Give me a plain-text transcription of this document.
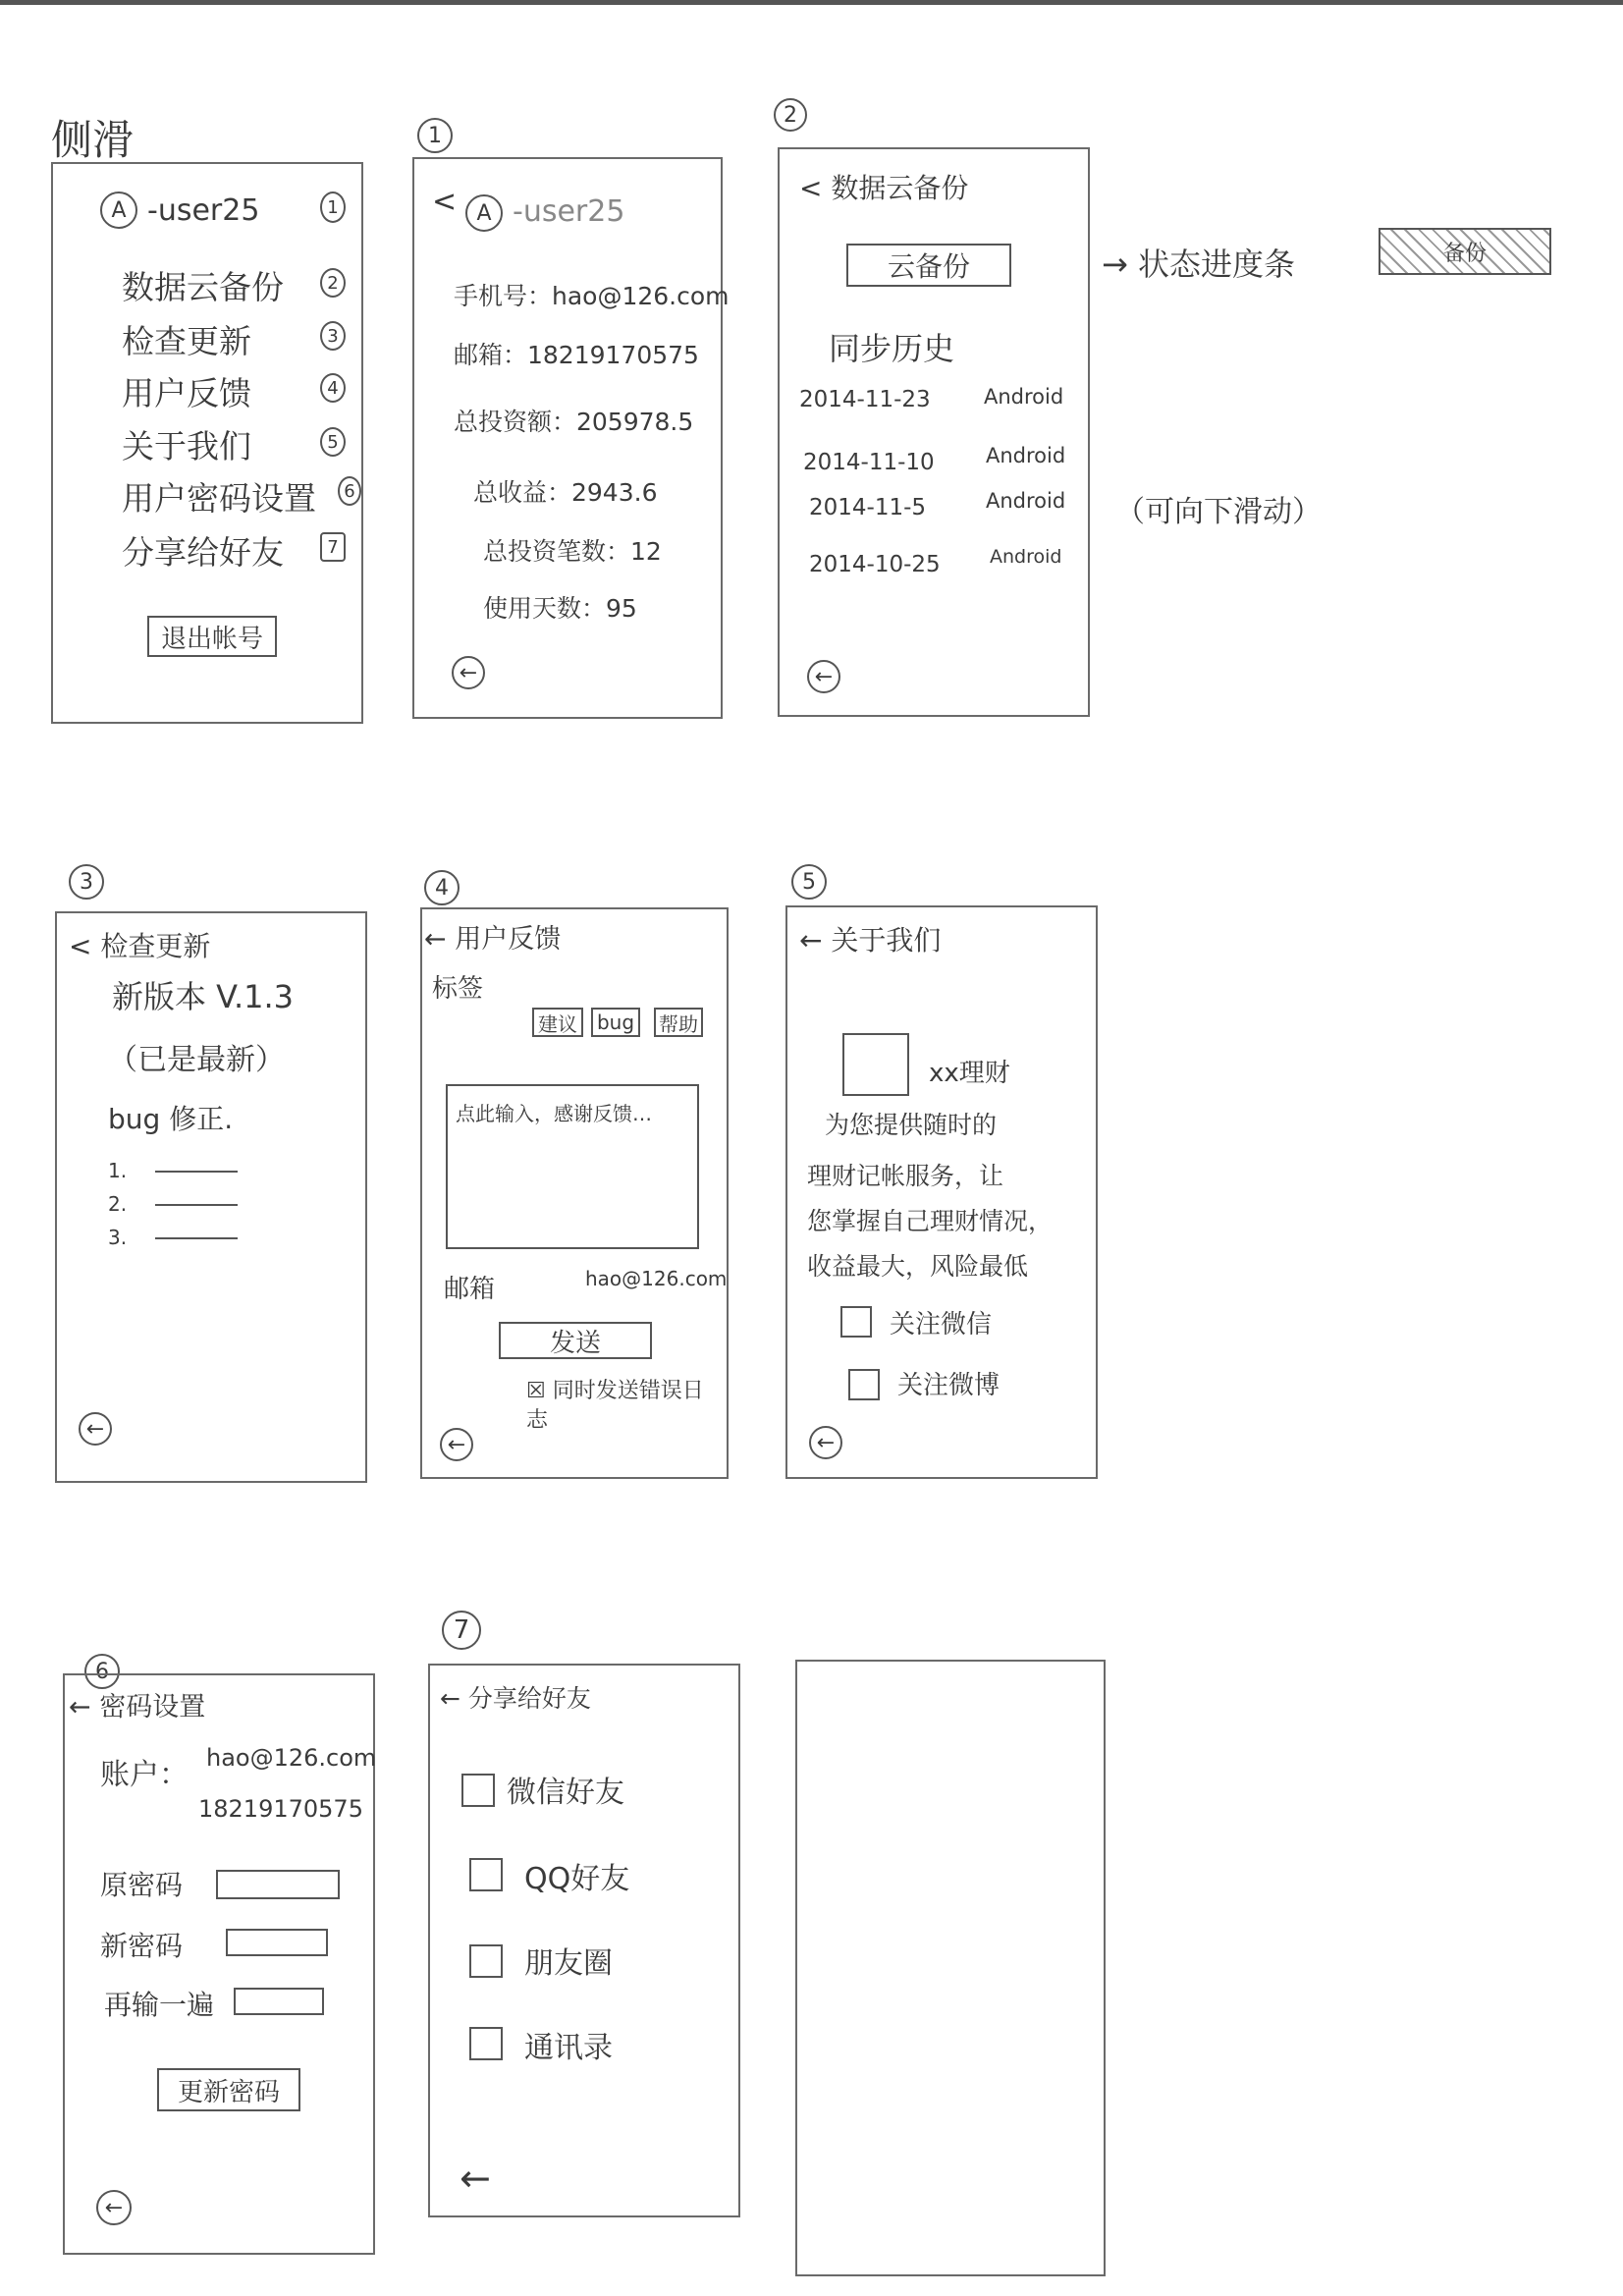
侧滑
A -user25	1
数据云备份	2
检查更新	3
用户反馈	4
关于我们	5
用户密码设置	6
分享给好友	7
退出帐号
1
< A -user25
手机号：hao@126.com
邮箱：18219170575
总投资额：205978.5
总收益：2943.6
总投资笔数：12
使用天数：95
←
2
< 数据云备份
云备份
同步历史
2014-11-23	Android
2014-11-10 Android
2014-11-5	Android
2014-10-25	Android
←
→ 状态进度条	备份
（可向下滑动）
3
< 检查更新
新版本 V.1.3
（已是最新）
bug 修正.
1.
2.
3.
←
4
← 用户反馈
标签
建议 bug 帮助
点此输入，感谢反馈…
邮箱	hao@126.com
发送
☒ 同时发送错误日志
←
5
← 关于我们
xx理财
为您提供随时的
理财记帐服务，让
您掌握自己理财情况，
收益最大，风险最低
关注微信
关注微博
←
6
← 密码设置
账户： hao@126.com
18219170575
原密码
新密码
再输一遍
更新密码
←
7
← 分享给好友
微信好友
QQ好友
朋友圈
通讯录
←
